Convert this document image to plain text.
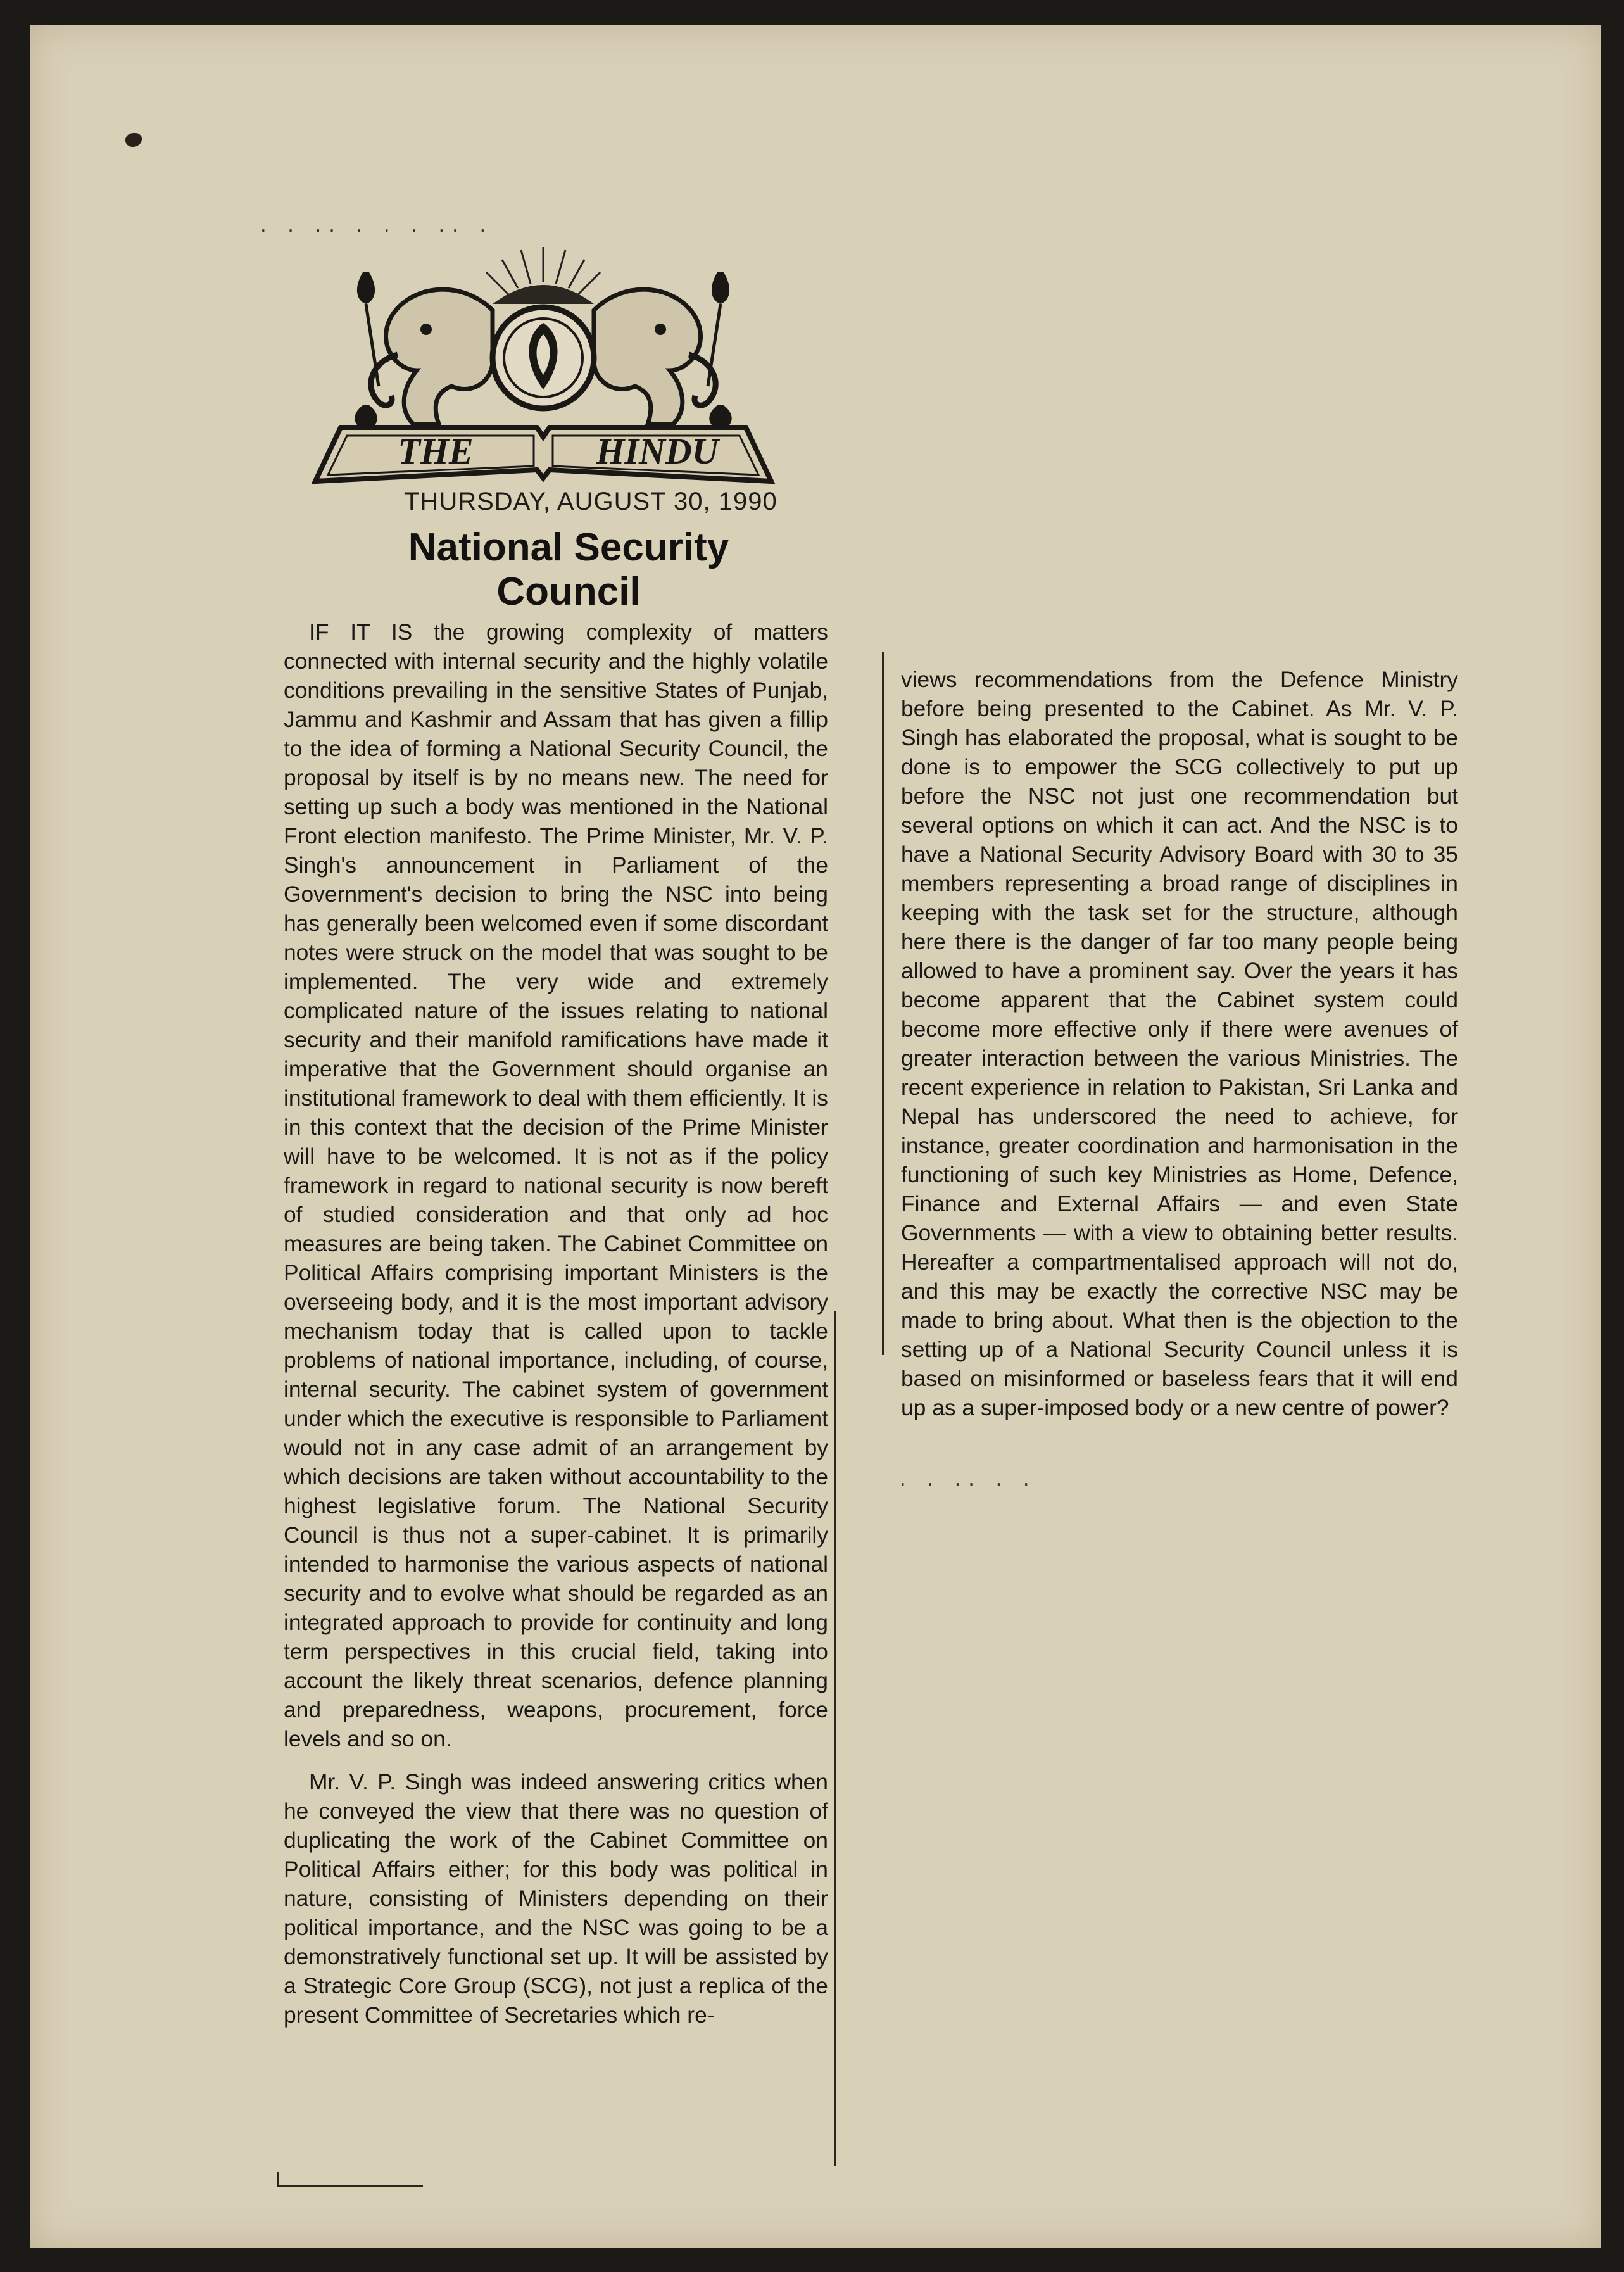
THE	HINDU
THURSDAY, AUGUST 30, 1990
National Security
Council

IF IT IS the growing complexity of matters connected with internal security and the highly volatile conditions prevailing in the sensitive States of Punjab, Jammu and Kashmir and Assam that has given a fillip to the idea of forming a National Security Council, the proposal by itself is by no means new. The need for setting up such a body was mentioned in the National Front election manifesto. The Prime Minister, Mr. V. P. Singh's announcement in Parliament of the Government's decision to bring the NSC into being has generally been welcomed even if some discordant notes were struck on the model that was sought to be implemented. The very wide and extremely complicated nature of the issues relating to national security and their manifold ramifications have made it imperative that the Government should organise an institutional framework to deal with them efficiently. It is in this context that the decision of the Prime Minister will have to be welcomed. It is not as if the policy framework in regard to national security is now bereft of studied consideration and that only ad hoc measures are being taken. The Cabinet Committee on Political Affairs comprising important Ministers is the overseeing body, and it is the most important advisory mechanism today that is called upon to tackle problems of national importance, including, of course, internal security. The cabinet system of government under which the executive is responsible to Parliament would not in any case admit of an arrangement by which decisions are taken without accountability to the highest legislative forum. The National Security Council is thus not a super-cabinet. It is primarily intended to harmonise the various aspects of national security and to evolve what should be regarded as an integrated approach to provide for continuity and long term perspectives in this crucial field, taking into account the likely threat scenarios, defence planning and preparedness, weapons, procurement, force levels and so on.

Mr. V. P. Singh was indeed answering critics when he conveyed the view that there was no question of duplicating the work of the Cabinet Committee on Political Affairs either; for this body was political in nature, consisting of Ministers depending on their political importance, and the NSC was going to be a demonstratively functional set up. It will be assisted by a Strategic Core Group (SCG), not just a replica of the present Committee of Secretaries which re-

· · ·· · · · ·· ·

views recommendations from the Defence Ministry before being presented to the Cabinet. As Mr. V. P. Singh has elaborated the proposal, what is sought to be done is to empower the SCG collectively to put up before the NSC not just one recommendation but several options on which it can act. And the NSC is to have a National Security Advisory Board with 30 to 35 members representing a broad range of disciplines in keeping with the task set for the structure, although here there is the danger of far too many people being allowed to have a prominent say. Over the years it has become apparent that the Cabinet system could become more effective only if there were avenues of greater interaction between the various Ministries. The recent experience in relation to Pakistan, Sri Lanka and Nepal has underscored the need to achieve, for instance, greater coordination and harmonisation in the functioning of such key Ministries as Home, Defence, Finance and External Affairs — and even State Governments — with a view to obtaining better results. Hereafter a compartmentalised approach will not do, and this may be exactly the corrective NSC may be made to bring about. What then is the objection to the setting up of a National Security Council unless it is based on misinformed or baseless fears that it will end up as a super-imposed body or a new centre of power?

· · ·· · ·
